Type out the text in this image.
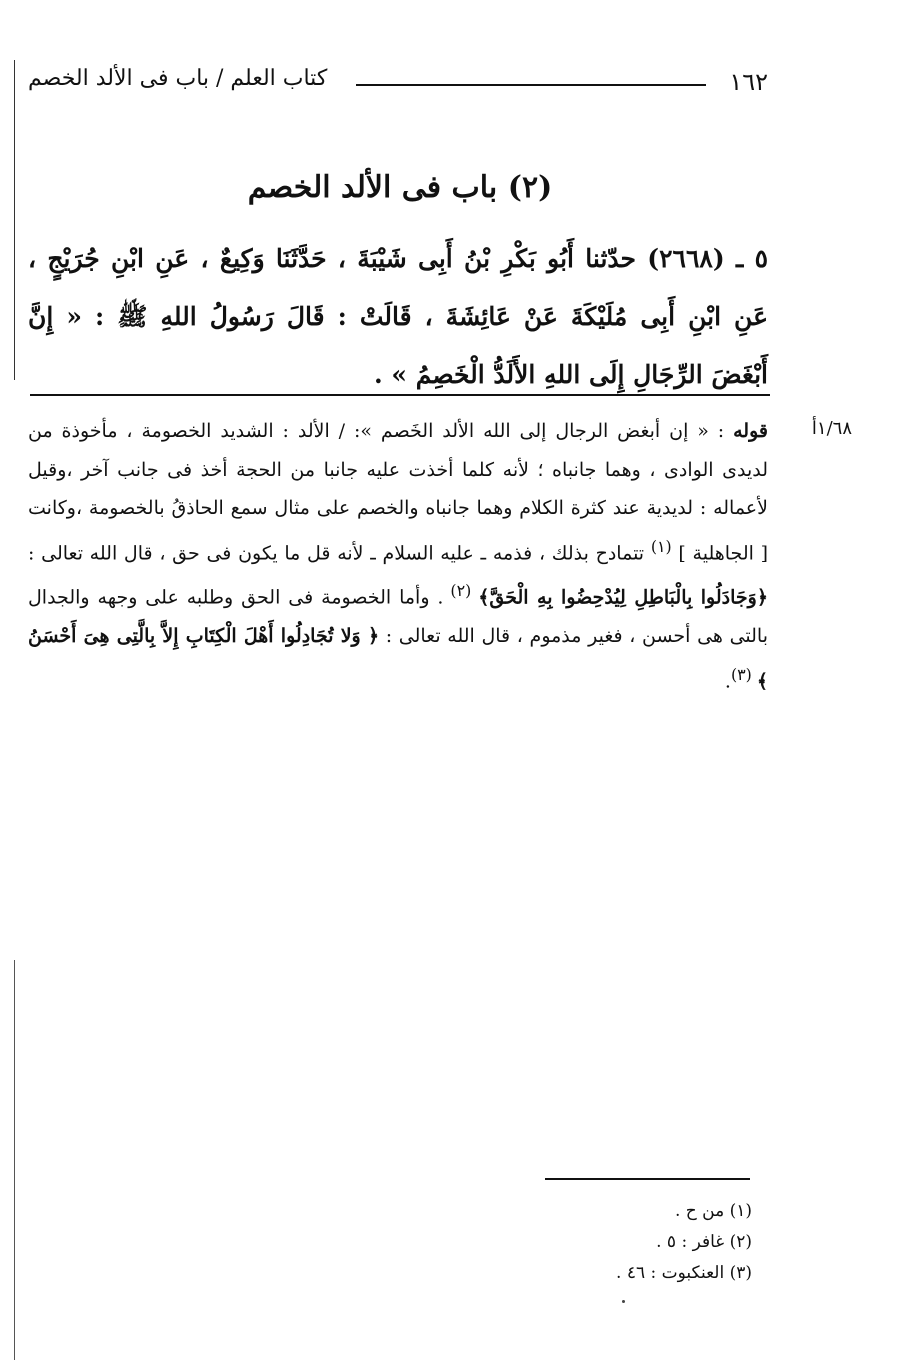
١٦٢
كتاب العلم / باب فى الألد الخصم
(٢) باب فى الألد الخصم
٥ ـ (٢٦٦٨) حدّثنا أَبُو بَكْرِ بْنُ أَبِى شَيْبَةَ ، حَدَّثَنَا وَكِيعٌ ، عَنِ ابْنِ جُرَيْجٍ ، عَنِ ابْنِ أَبِى مُلَيْكَةَ عَنْ عَائِشَةَ ، قَالَتْ : قَالَ رَسُولُ اللهِ ﷺ : « إِنَّ أَبْغَضَ الرِّجَالِ إِلَى اللهِ الأَلَدُّ الْخَصِمُ » .
١/٦٨أ
قوله : « إن أبغض الرجال إلى الله الألد الخَصم »: / الألد : الشديد الخصومة ، مأخوذة من لديدى الوادى ، وهما جانباه ؛ لأنه كلما أخذت عليه جانبا من الحجة أخذ فى جانب آخر ،وقيل لأعماله : لديدية عند كثرة الكلام وهما جانباه والخصم على مثال سمع الحاذقُ بالخصومة ،وكانت [ الجاهلية ] $^{(١)}$ تتمادح بذلك ، فذمه ـ عليه السلام ـ لأنه قل ما يكون فى حق ، قال الله تعالى : ﴿وَجَادَلُوا بِالْبَاطِلِ لِيُدْحِضُوا بِهِ الْحَقَّ﴾ $^{(٢)}$ . وأما الخصومة فى الحق وطلبه على وجهه والجدال بالتى هى أحسن ، فغير مذموم ، قال الله تعالى : ﴿ وَلا تُجَادِلُوا أَهْلَ الْكِتَابِ إِلاَّ بِالَّتِى هِىَ أَحْسَنُ ﴾ $^{(٣)}$.
(١) من ح .
(٢) غافر : ٥ .
(٣) العنكبوت : ٤٦ .
